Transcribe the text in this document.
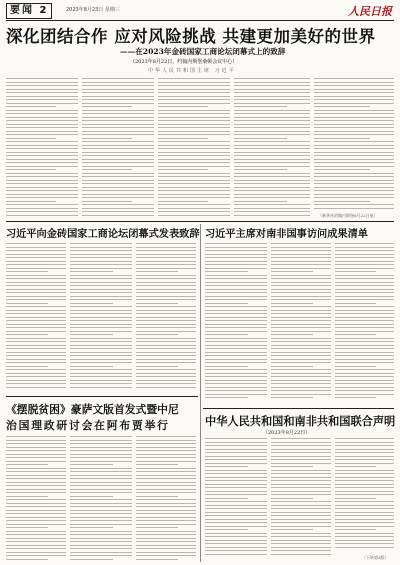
要闻 2	2023年8月23日 星期三	人民日报
深化团结合作 应对风险挑战 共建更加美好的世界
——在2023年金砖国家工商论坛闭幕式上的致辞
（2023年8月22日，约翰内斯堡桑顿会议中心）
中华人民共和国主席 习近平
（新华社约翰内斯堡8月22日电）
习近平向金砖国家工商论坛闭幕式发表致辞 习近平主席对南非国事访问成果清单
《摆脱贫困》豪萨文版首发式暨中尼
治国理政研讨会在阿布贾举行	中华人民共和国和南非共和国联合声明
（2023年8月22日）
（下转第3版）
